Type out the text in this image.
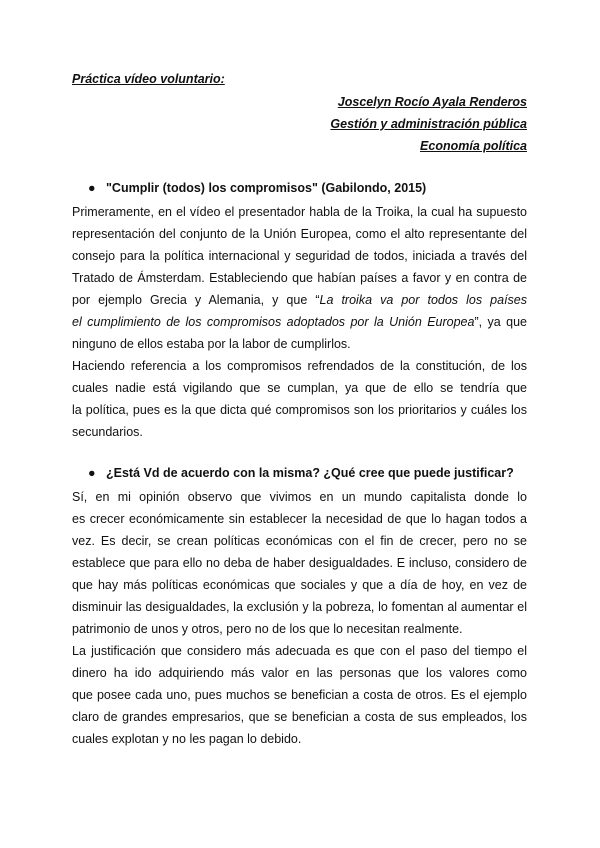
Práctica vídeo voluntario:
Joscelyn Rocío Ayala Renderos
Gestión y administración pública
Economía política
● "Cumplir (todos) los compromisos" (Gabilondo, 2015)
Primeramente, en el vídeo el presentador habla de la Troika, la cual ha supuesto
representación del conjunto de la Unión Europea, como el alto representante del
consejo para la política internacional y seguridad de todos, iniciada a través del
Tratado de Ámsterdam. Estableciendo que habían países a favor y en contra de
por ejemplo Grecia y Alemania, y que “La troika va por todos los países
el cumplimiento de los compromisos adoptados por la Unión Europea”, ya que
ninguno de ellos estaba por la labor de cumplirlos.
Haciendo referencia a los compromisos refrendados de la constitución, de los
cuales nadie está vigilando que se cumplan, ya que de ello se tendría que
la política, pues es la que dicta qué compromisos son los prioritarios y cuáles los
secundarios.
● ¿Está Vd de acuerdo con la misma? ¿Qué cree que puede justificar?
Sí, en mi opinión observo que vivimos en un mundo capitalista donde lo
es crecer económicamente sin establecer la necesidad de que lo hagan todos a
vez. Es decir, se crean políticas económicas con el fin de crecer, pero no se
establece que para ello no deba de haber desigualdades. E incluso, considero de
que hay más políticas económicas que sociales y que a día de hoy, en vez de
disminuir las desigualdades, la exclusión y la pobreza, lo fomentan al aumentar el
patrimonio de unos y otros, pero no de los que lo necesitan realmente.
La justificación que considero más adecuada es que con el paso del tiempo el
dinero ha ido adquiriendo más valor en las personas que los valores como
que posee cada uno, pues muchos se benefician a costa de otros. Es el ejemplo
claro de grandes empresarios, que se benefician a costa de sus empleados, los
cuales explotan y no les pagan lo debido.
